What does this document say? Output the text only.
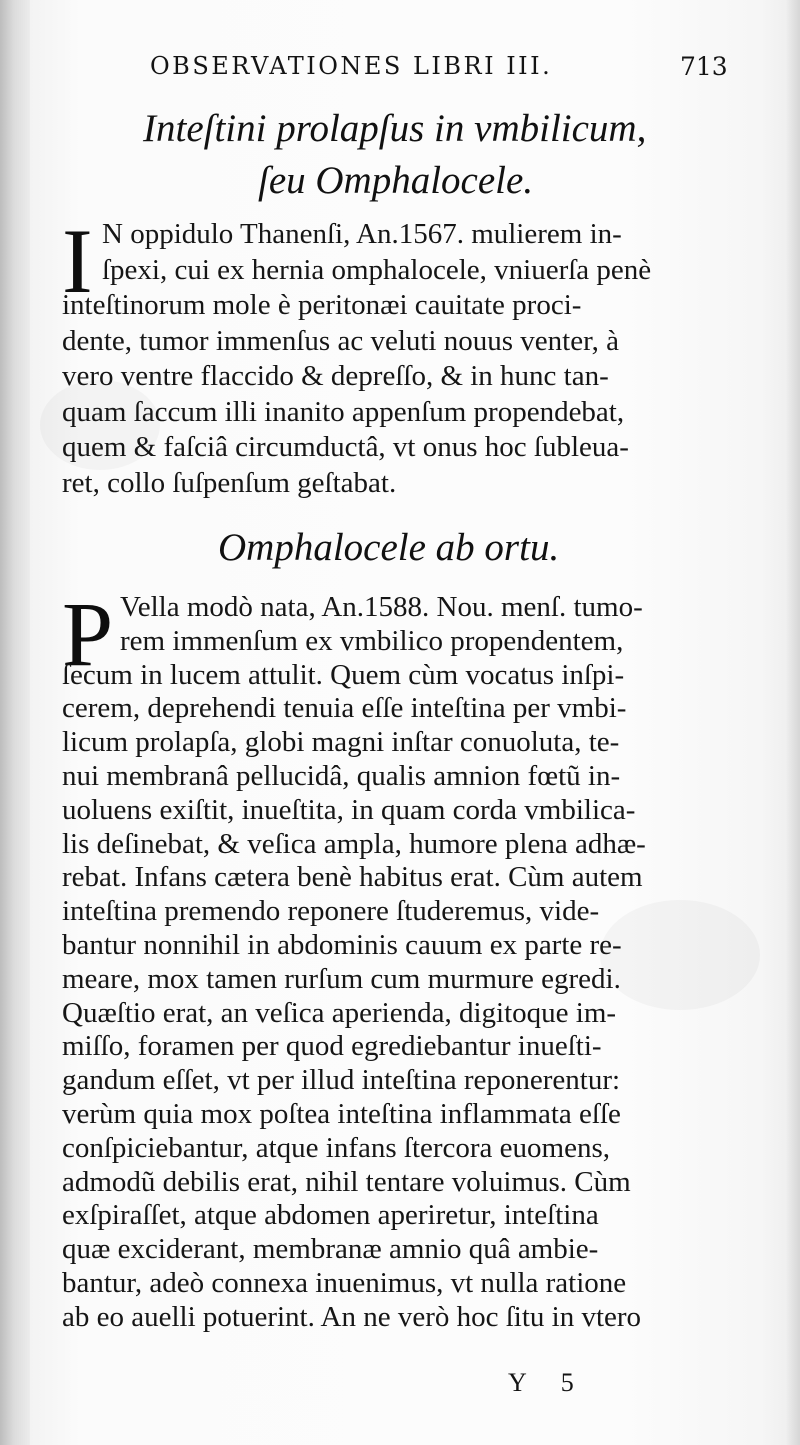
OBSERVATIONES LIBRI III.	713
Inteſtini prolapſus in vmbilicum,
ſeu Omphalocele.
I N oppidulo Thanenſi, An.1567. mulierem in-
ſpexi, cui ex hernia omphalocele, vniuerſa penè
inteſtinorum mole è peritonæi cauitate proci-
dente, tumor immenſus ac veluti nouus venter, à
vero ventre flaccido & depreſſo, & in hunc tan-
quam ſaccum illi inanito appenſum propendebat,
quem & faſciâ circumductâ, vt onus hoc ſubleua-
ret, collo ſuſpenſum geſtabat.
Omphalocele ab ortu.
P Vella modò nata, An.1588. Nou. menſ. tumo-
rem immenſum ex vmbilico propendentem,
ſecum in lucem attulit. Quem cùm vocatus inſpi-
cerem, deprehendi tenuia eſſe inteſtina per vmbi-
licum prolapſa, globi magni inſtar conuoluta, te-
nui membranâ pellucidâ, qualis amnion fœtũ in-
uoluens exiſtit, inueſtita, in quam corda vmbilica-
lis deſinebat, & veſica ampla, humore plena adhæ-
rebat. Infans cætera benè habitus erat. Cùm autem
inteſtina premendo reponere ſtuderemus, vide-
bantur nonnihil in abdominis cauum ex parte re-
meare, mox tamen rurſum cum murmure egredi.
Quæſtio erat, an veſica aperienda, digitoque im-
miſſo, foramen per quod egrediebantur inueſti-
gandum eſſet, vt per illud inteſtina reponerentur:
verùm quia mox poſtea inteſtina inflammata eſſe
conſpiciebantur, atque infans ſtercora euomens,
admodũ debilis erat, nihil tentare voluimus. Cùm
exſpiraſſet, atque abdomen aperiretur, inteſtina
quæ exciderant, membranæ amnio quâ ambie-
bantur, adeò connexa inuenimus, vt nulla ratione
ab eo auelli potuerint. An ne verò hoc ſitu in vtero
Y 5
